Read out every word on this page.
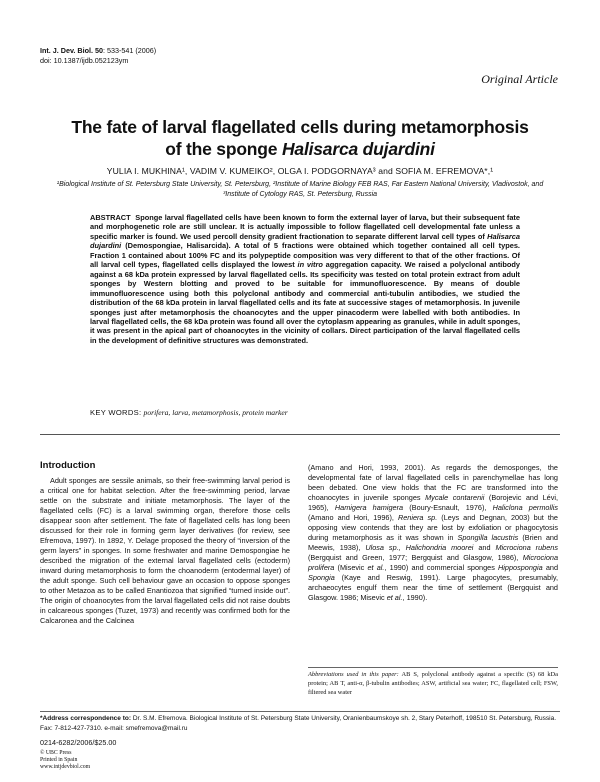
Int. J. Dev. Biol. 50: 533-541 (2006)
doi: 10.1387/ijdb.052123ym
Original Article
The fate of larval flagellated cells during metamorphosis
of the sponge Halisarca dujardini
YULIA I. MUKHINA¹, VADIM V. KUMEIKO², OLGA I. PODGORNAYA³ and SOFIA M. EFREMOVA*,¹
¹Biological Institute of St. Petersburg State University, St. Petersburg, ²Institute of Marine Biology FEB RAS, Far Eastern National University, Vladivostok, and ³Institute of Cytology RAS, St. Petersburg, Russia
ABSTRACT Sponge larval flagellated cells have been known to form the external layer of larva, but their subsequent fate and morphogenetic role are still unclear. It is actually impossible to follow flagellated cell developmental fate unless a specific marker is found. We used percoll density gradient fractionation to separate different larval cell types of Halisarca dujardini (Demospongiae, Halisarcida). A total of 5 fractions were obtained which together contained all cell types. Fraction 1 contained about 100% FC and its polypeptide composition was very different to that of the other fractions. Of all larval cell types, flagellated cells displayed the lowest in vitro aggregation capacity. We raised a polyclonal antibody against a 68 kDa protein expressed by larval flagellated cells. Its specificity was tested on total protein extract from adult sponges by Western blotting and proved to be suitable for immunofluorescence. By means of double immunofluorescence using both this polyclonal antibody and commercial anti-tubulin antibodies, we studied the distribution of the 68 kDa protein in larval flagellated cells and its fate at successive stages of metamorphosis. In juvenile sponges just after metamorphosis the choanocytes and the upper pinacoderm were labelled with both antibodies. In larval flagellated cells, the 68 kDa protein was found all over the cytoplasm appearing as granules, while in adult sponges, it was present in the apical part of choanocytes in the vicinity of collars. Direct participation of the larval flagellated cells in the development of definitive structures was demonstrated.
KEY WORDS: porifera, larva, metamorphosis, protein marker
Introduction
Adult sponges are sessile animals, so their free-swimming larval period is a critical one for habitat selection. After the free-swimming period, larvae settle on the substrate and initiate metamorphosis. The layer of the flagellated cells (FC) is a larval swimming organ, therefore those cells disappear soon after settlement. The fate of flagellated cells has long been discussed for their role in forming germ layer derivatives (for review, see Efremova, 1997). In 1892, Y. Delage proposed the theory of “inversion of the germ layers” in sponges. In some freshwater and marine Demospongiae he described the migration of the external larval flagellated cells (ectoderm) inward during metamorphosis to form the choanoderm (entodermal layer) of the adult sponge. Such cell behaviour gave an occasion to oppose sponges to other Metazoa as to be called Enantiozoa that signified “turned inside out”. The origin of choanocytes from the larval flagellated cells did not raise doubts in calcareous sponges (Tuzet, 1973) and recently was confirmed both for the Calcaronea and the Calcinea
(Amano and Hori, 1993, 2001). As regards the demosponges, the developmental fate of larval flagellated cells in parenchymellae has long been debated. One view holds that the FC are transformed into the choanocytes in juvenile sponges Mycale contarenii (Borojevic and Lévi, 1965), Hamigera hamigera (Boury-Esnault, 1976), Haliclona permollis (Amano and Hori, 1996), Reniera sp. (Leys and Degnan, 2003) but the opposing view contends that they are lost by exfoliation or phagocytosis during metamorphosis as it was shown in Spongilla lacustris (Brien and Meewis, 1938), Ulosa sp., Halichondria moorei and Microciona rubens (Bergquist and Green, 1977; Bergquist and Glasgow, 1986), Microciona prolifera (Misevic et al., 1990) and commercial sponges Hippospongia and Spongia (Kaye and Reswig, 1991). Large phagocytes, presumably, archaeocytes engulf them near the time of settlement (Bergquist and Glasgow. 1986; Misevic et al., 1990).
Abbreviations used in this paper: AB S, polyclonal antibody against a specific (S) 68 kDa protein; AB T, anti-α, β-tubulin antibodies; ASW, artificial sea water; FC, flagellated cell; FSW, filtered sea water
*Address correspondence to: Dr. S.M. Efremova. Biological Institute of St. Petersburg State University, Oranienbaumskoye sh. 2, Stary Peterhoff, 198510 St. Petersburg, Russia. Fax: 7-812-427-7310. e-mail: smefremova@mail.ru
0214-6282/2006/$25.00
© UBC Press
Printed in Spain
www.intjdevbiol.com
